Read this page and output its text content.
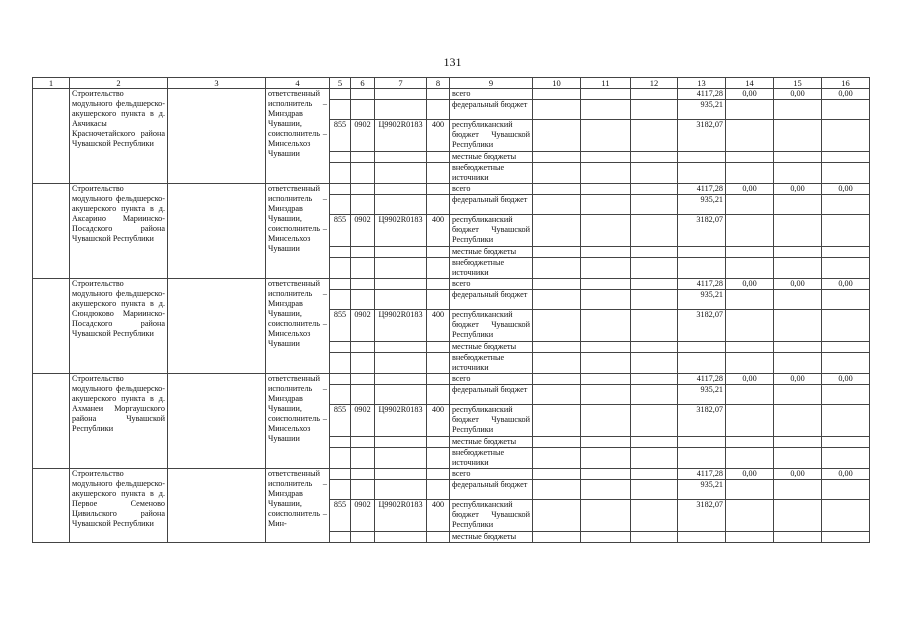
131
1	2	3	4	5	6	7	8	9	10	11	12	13	14	15	16
	Строительство модульного фельдшерско-акушерского пункта в д. Акчикасы Красночетайского района Чувашской Республики		ответственный исполнитель – Минздрав Чувашии, соисполнитель – Минсельхоз Чувашии					всего				4117,28	0,00	0,00	0,00
								федеральный бюджет				935,21			
				855	0902	Ц9902R0183	400	республиканский бюджет Чувашской Республики				3182,07			
								местные бюджеты							
								внебюджетные источники							
	Строительство модульного фельдшерско-акушерского пункта в д. Аксарино Мариинско-Посадского района Чувашской Республики		ответственный исполнитель – Минздрав Чувашии, соисполнитель – Минсельхоз Чувашии					всего				4117,28	0,00	0,00	0,00
								федеральный бюджет				935,21			
				855	0902	Ц9902R0183	400	республиканский бюджет Чувашской Республики				3182,07			
								местные бюджеты							
								внебюджетные источники							
	Строительство модульного фельдшерско-акушерского пункта в д. Сюндюково Мариинско-Посадского района Чувашской Республики		ответственный исполнитель – Минздрав Чувашии, соисполнитель – Минсельхоз Чувашии					всего				4117,28	0,00	0,00	0,00
								федеральный бюджет				935,21			
				855	0902	Ц9902R0183	400	республиканский бюджет Чувашской Республики				3182,07			
								местные бюджеты							
								внебюджетные источники							
	Строительство модульного фельдшерско-акушерского пункта в д. Ахманеи Моргаушского района Чувашской Республики		ответственный исполнитель – Минздрав Чувашии, соисполнитель – Минсельхоз Чувашии					всего				4117,28	0,00	0,00	0,00
								федеральный бюджет				935,21			
				855	0902	Ц9902R0183	400	республиканский бюджет Чувашской Республики				3182,07			
								местные бюджеты							
								внебюджетные источники							
	Строительство модульного фельдшерско-акушерского пункта в д. Первое Семеново Цивильского района Чувашской Республики		ответственный исполнитель – Минздрав Чувашии, соисполнитель – Мин-					всего				4117,28	0,00	0,00	0,00
								федеральный бюджет				935,21			
				855	0902	Ц9902R0183	400	республиканский бюджет Чувашской Республики				3182,07			
								местные бюджеты							
